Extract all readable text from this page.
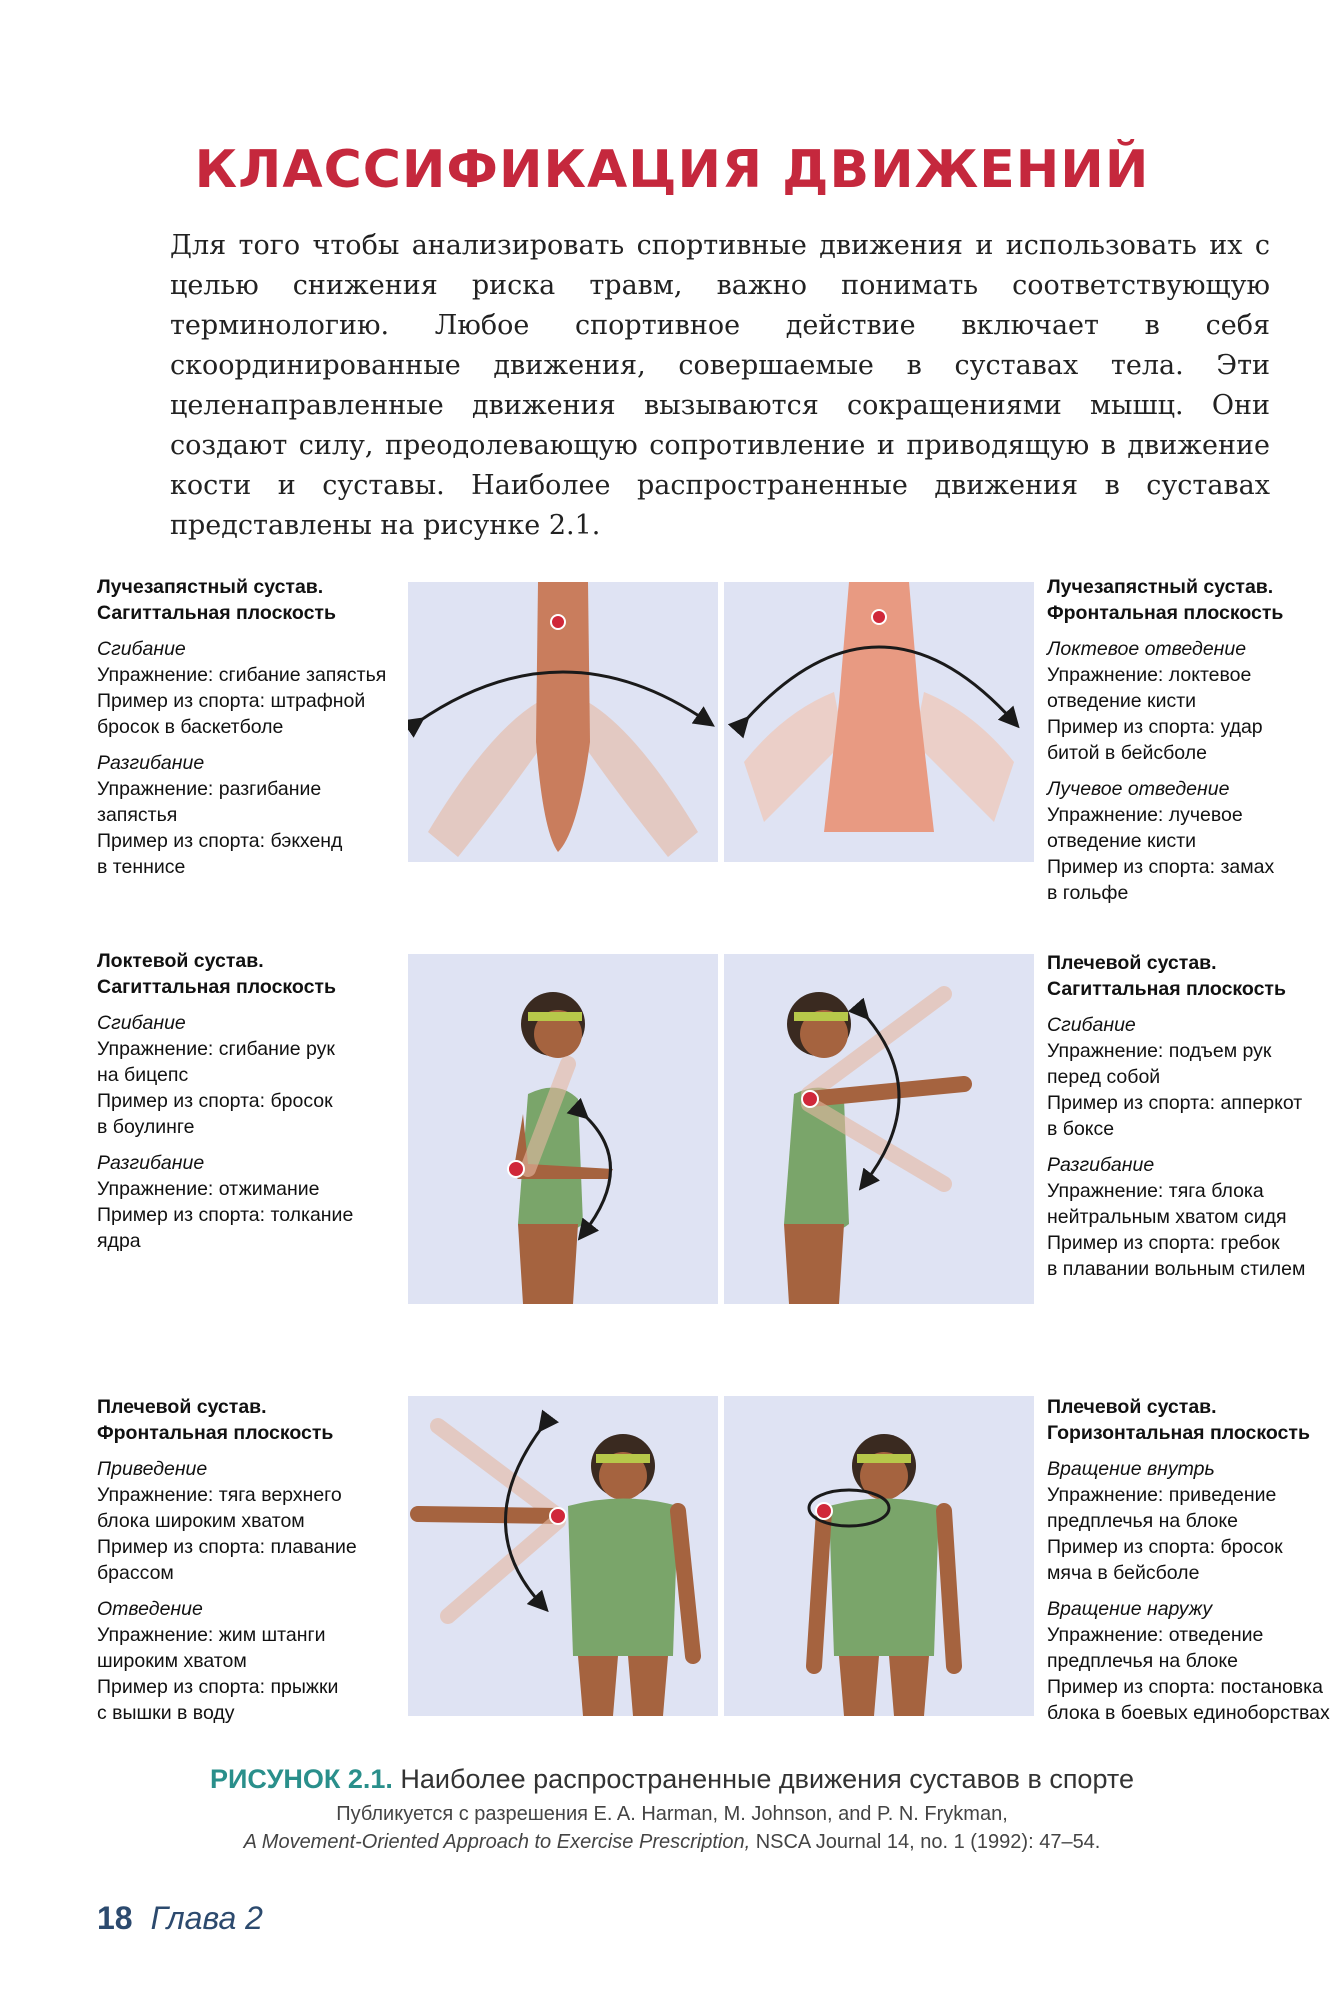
КЛАССИФИКАЦИЯ ДВИЖЕНИЙ
Для того чтобы анализировать спортивные движения и использовать их с целью снижения риска травм, важно понимать соответствующую терминологию. Любое спортивное действие включает в себя скоординированные движения, совершаемые в суставах тела. Эти целенаправленные движения вызываются сокращениями мышц. Они создают силу, преодолевающую сопротивление и приводящую в движение кости и суставы. Наиболее распространенные движения в суставах представлены на рисунке 2.1.
Лучезапястный сустав.
Сагиттальная плоскость
Сгибание
Упражнение: сгибание запястья
Пример из спорта: штрафной
бросок в баскетболе
Разгибание
Упражнение: разгибание
запястья
Пример из спорта: бэкхенд
в теннисе
Лучезапястный сустав.
Фронтальная плоскость
Локтевое отведение
Упражнение: локтевое
отведение кисти
Пример из спорта: удар
битой в бейсболе
Лучевое отведение
Упражнение: лучевое
отведение кисти
Пример из спорта: замах
в гольфе
Локтевой сустав.
Сагиттальная плоскость
Сгибание
Упражнение: сгибание рук
на бицепс
Пример из спорта: бросок
в боулинге
Разгибание
Упражнение: отжимание
Пример из спорта: толкание
ядра
Плечевой сустав.
Сагиттальная плоскость
Сгибание
Упражнение: подъем рук
перед собой
Пример из спорта: апперкот
в боксе
Разгибание
Упражнение: тяга блока
нейтральным хватом сидя
Пример из спорта: гребок
в плавании вольным стилем
Плечевой сустав.
Фронтальная плоскость
Приведение
Упражнение: тяга верхнего
блока широким хватом
Пример из спорта: плавание
брассом
Отведение
Упражнение: жим штанги
широким хватом
Пример из спорта: прыжки
с вышки в воду
Плечевой сустав.
Горизонтальная плоскость
Вращение внутрь
Упражнение: приведение
предплечья на блоке
Пример из спорта: бросок
мяча в бейсболе
Вращение наружу
Упражнение: отведение
предплечья на блоке
Пример из спорта: постановка
блока в боевых единоборствах
РИСУНОК 2.1. Наиболее распространенные движения суставов в спорте
Публикуется с разрешения E. A. Harman, M. Johnson, and P. N. Frykman,
A Movement-Oriented Approach to Exercise Prescription, NSCA Journal 14, no. 1 (1992): 47–54.
18 Глава 2
